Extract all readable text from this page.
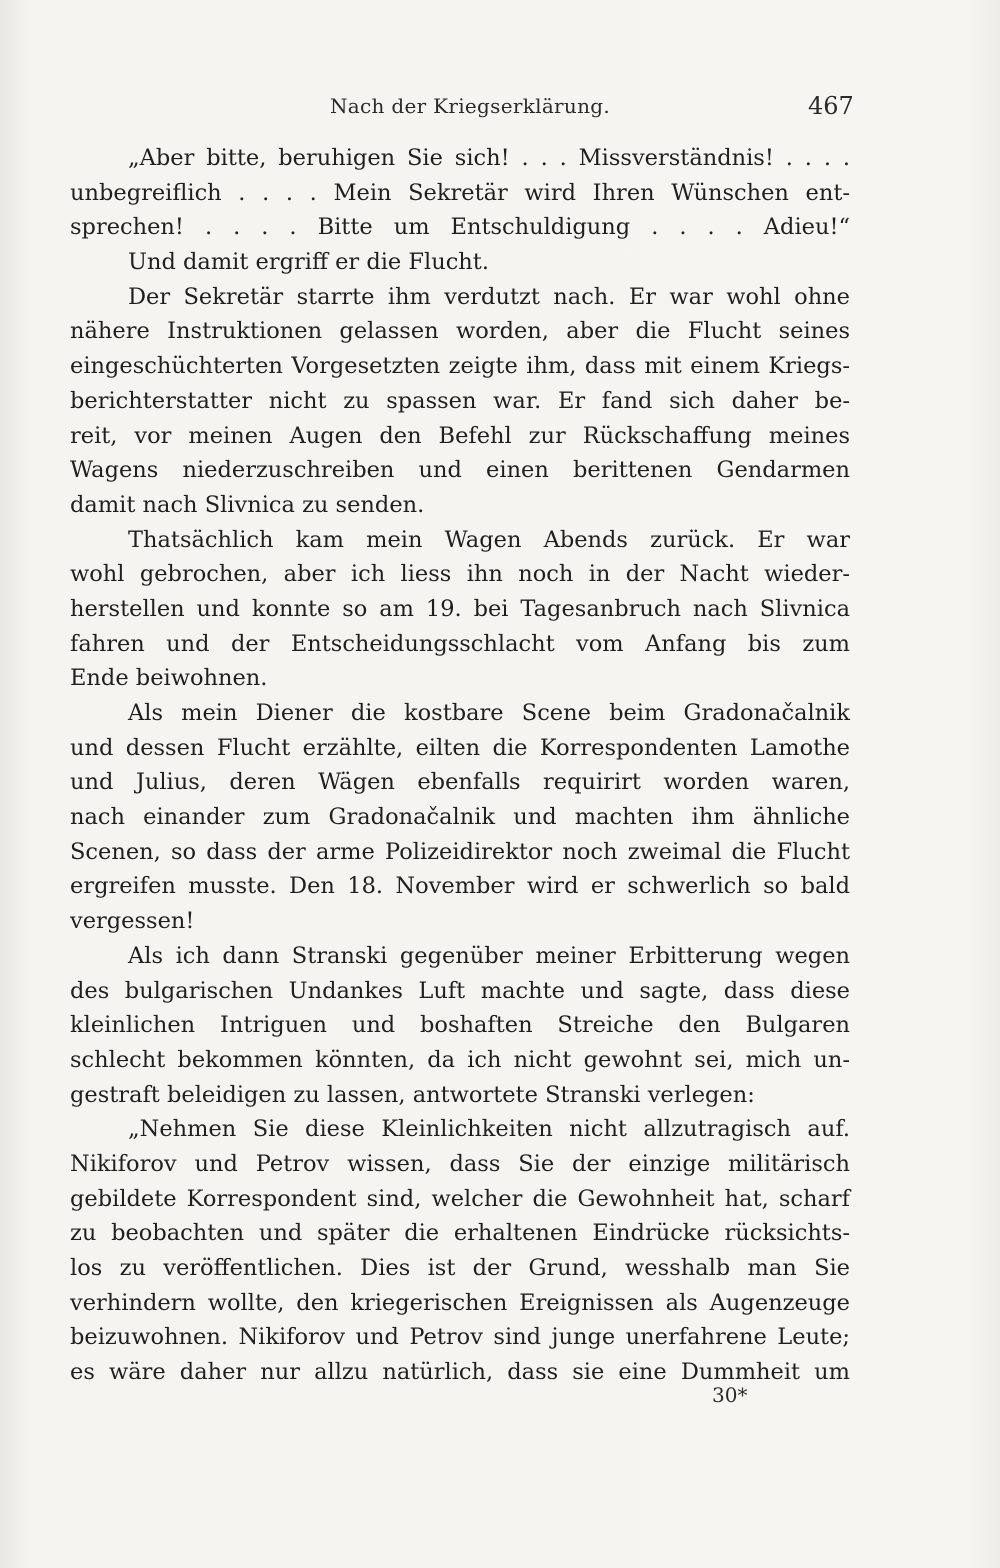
Nach der Kriegserklärung.	467
„Aber bitte, beruhigen Sie sich! . . . Missverständnis! . . . .
unbegreiflich . . . . Mein Sekretär wird Ihren Wünschen ent-
sprechen! . . . . Bitte um Entschuldigung . . . . Adieu!“
Und damit ergriff er die Flucht.
Der Sekretär starrte ihm verdutzt nach. Er war wohl ohne
nähere Instruktionen gelassen worden, aber die Flucht seines
eingeschüchterten Vorgesetzten zeigte ihm, dass mit einem Kriegs-
berichterstatter nicht zu spassen war. Er fand sich daher be-
reit, vor meinen Augen den Befehl zur Rückschaffung meines
Wagens niederzuschreiben und einen berittenen Gendarmen
damit nach Slivnica zu senden.
Thatsächlich kam mein Wagen Abends zurück. Er war
wohl gebrochen, aber ich liess ihn noch in der Nacht wieder-
herstellen und konnte so am 19. bei Tagesanbruch nach Slivnica
fahren und der Entscheidungsschlacht vom Anfang bis zum
Ende beiwohnen.
Als mein Diener die kostbare Scene beim Gradonačalnik
und dessen Flucht erzählte, eilten die Korrespondenten Lamothe
und Julius, deren Wägen ebenfalls requirirt worden waren,
nach einander zum Gradonačalnik und machten ihm ähnliche
Scenen, so dass der arme Polizeidirektor noch zweimal die Flucht
ergreifen musste. Den 18. November wird er schwerlich so bald
vergessen!
Als ich dann Stranski gegenüber meiner Erbitterung wegen
des bulgarischen Undankes Luft machte und sagte, dass diese
kleinlichen Intriguen und boshaften Streiche den Bulgaren
schlecht bekommen könnten, da ich nicht gewohnt sei, mich un-
gestraft beleidigen zu lassen, antwortete Stranski verlegen:
„Nehmen Sie diese Kleinlichkeiten nicht allzutragisch auf.
Nikiforov und Petrov wissen, dass Sie der einzige militärisch
gebildete Korrespondent sind, welcher die Gewohnheit hat, scharf
zu beobachten und später die erhaltenen Eindrücke rücksichts-
los zu veröffentlichen. Dies ist der Grund, wesshalb man Sie
verhindern wollte, den kriegerischen Ereignissen als Augenzeuge
beizuwohnen. Nikiforov und Petrov sind junge unerfahrene Leute;
es wäre daher nur allzu natürlich, dass sie eine Dummheit um
30*
